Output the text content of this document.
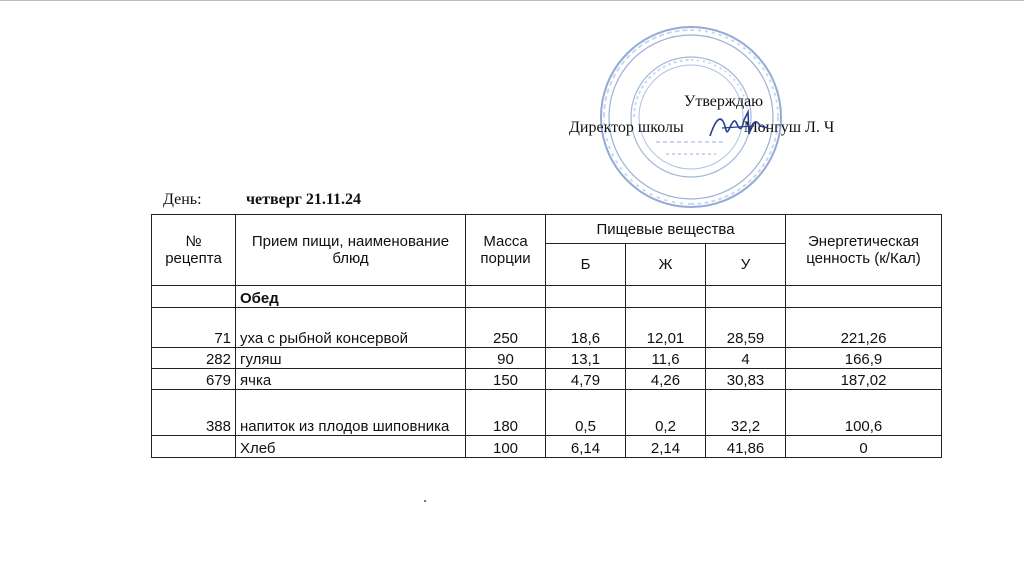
Утверждаю
Директор школы	Монгуш Л. Ч
День:	четверг 21.11.24
№ рецепта	Прием пищи, наименование блюд	Масса порции	Пищевые вещества			Энергетическая ценность (к/Кал)
			Б	Ж	У	
	Обед					
71	уха с рыбной консервой	250	18,6	12,01	28,59	221,26
282	гуляш	90	13,1	11,6	4	166,9
679	ячка	150	4,79	4,26	30,83	187,02
388	напиток из плодов шиповника	180	0,5	0,2	32,2	100,6
	Хлеб	100	6,14	2,14	41,86	0
